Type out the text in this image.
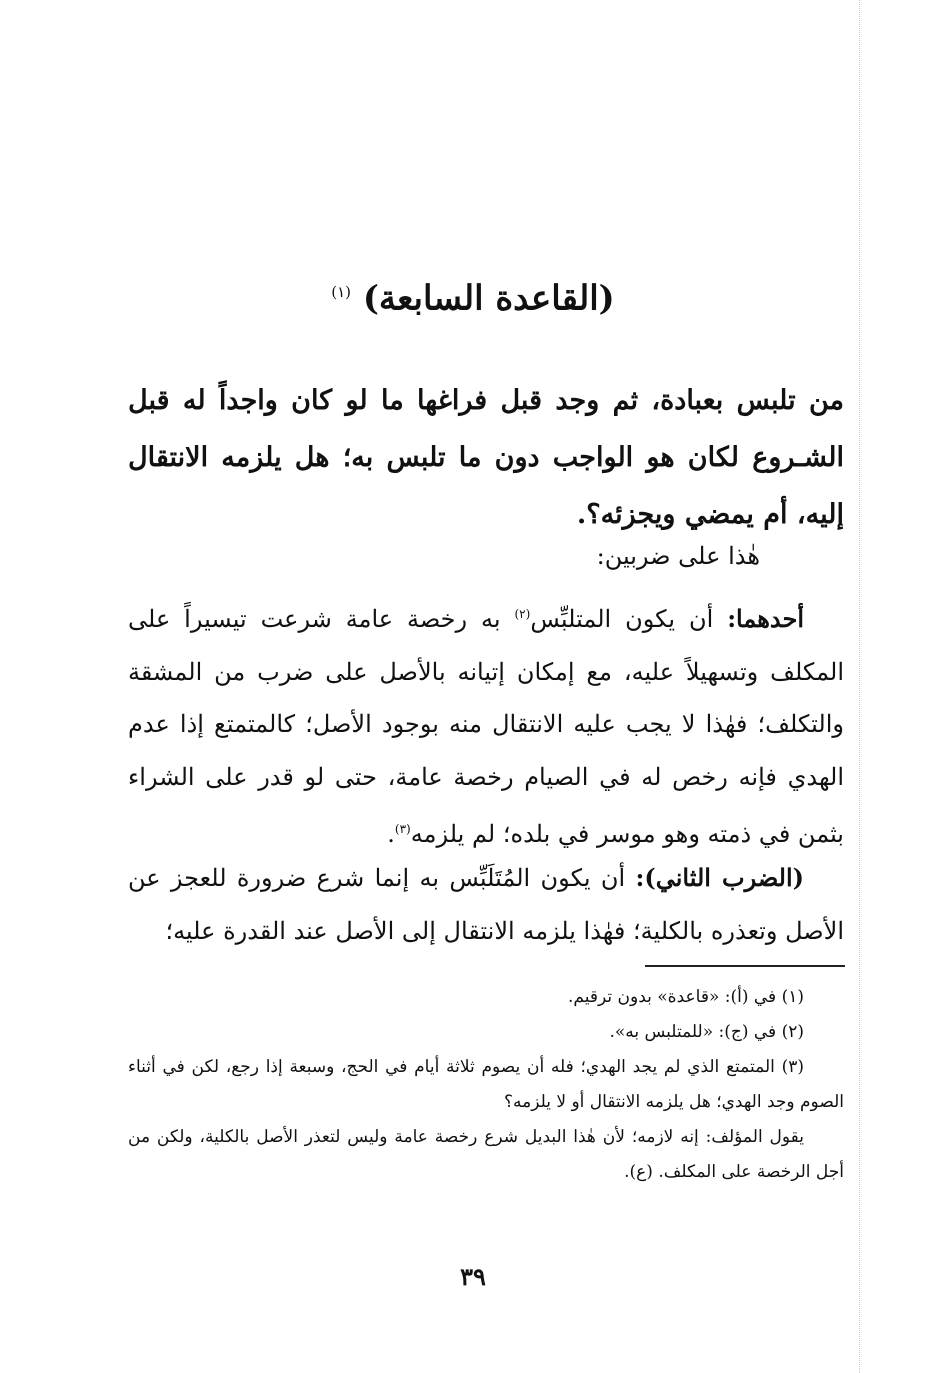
(القاعدة السابعة) $^{(١)}$
من تلبس بعبادة، ثم وجد قبل فراغها ما لو كان واجداً له قبل الشـروع لكان هو الواجب دون ما تلبس به؛ هل يلزمه الانتقال إليه، أم يمضي ويجزئه؟.
هٰذا على ضربين:
أحدهما: أن يكون المتلبِّس$^{(٢)}$ به رخصة عامة شرعت تيسيراً على المكلف وتسهيلاً عليه، مع إمكان إتيانه بالأصل على ضرب من المشقة والتكلف؛ فهٰذا لا يجب عليه الانتقال منه بوجود الأصل؛ كالمتمتع إذا عدم الهدي فإنه رخص له في الصيام رخصة عامة، حتى لو قدر على الشراء بثمن في ذمته وهو موسر في بلده؛ لم يلزمه$^{(٣)}$.
(الضرب الثاني): أن يكون المُتَلَبِّس به إنما شرع ضرورة للعجز عن الأصل وتعذره بالكلية؛ فهٰذا يلزمه الانتقال إلى الأصل عند القدرة عليه؛

(١) في (أ): «قاعدة» بدون ترقيم.

(٢) في (ج): «للمتلبس به».

(٣) المتمتع الذي لم يجد الهدي؛ فله أن يصوم ثلاثة أيام في الحج، وسبعة إذا رجع، لكن في أثناء الصوم وجد الهدي؛ هل يلزمه الانتقال أو لا يلزمه؟

يقول المؤلف: إنه لازمه؛ لأن هٰذا البديل شرع رخصة عامة وليس لتعذر الأصل بالكلية، ولكن من أجل الرخصة على المكلف. (ع).

٣٩
